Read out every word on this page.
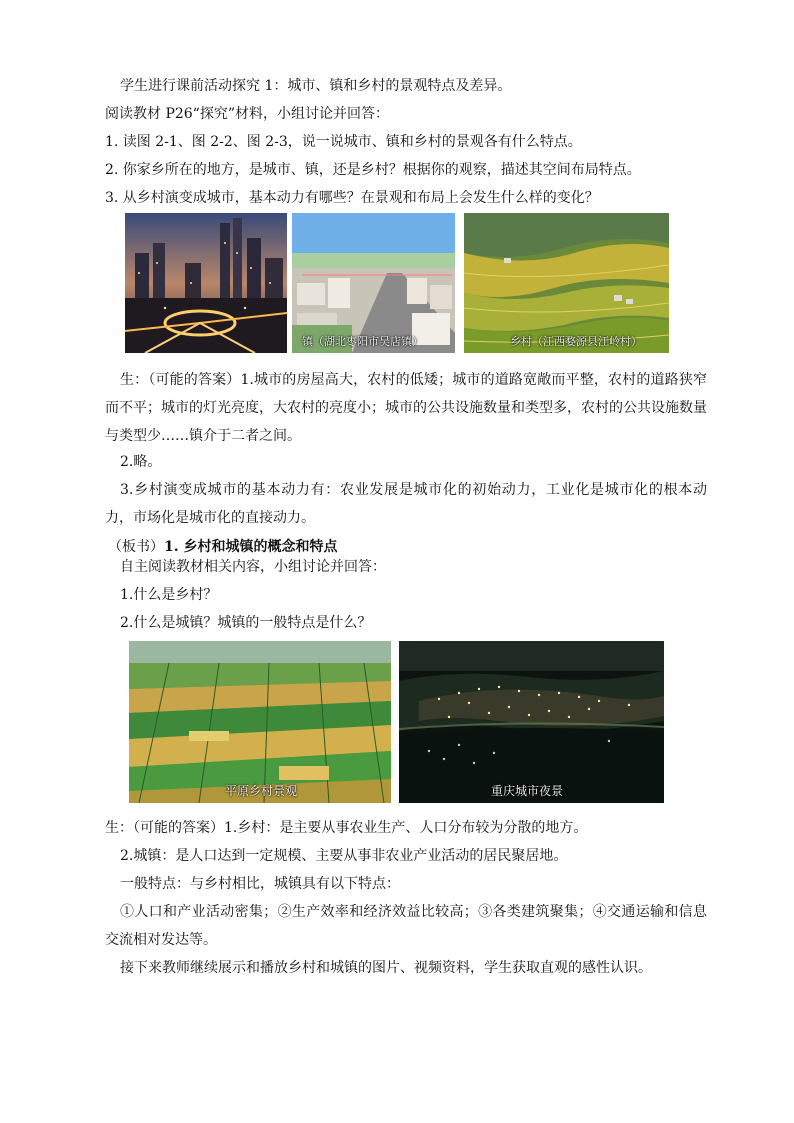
学生进行课前活动探究 1：城市、镇和乡村的景观特点及差异。
阅读教材 P26“探究”材料，小组讨论并回答：
1. 读图 2-1、图 2-2、图 2-3，说一说城市、镇和乡村的景观各有什么特点。
2. 你家乡所在的地方，是城市、镇，还是乡村？根据你的观察，描述其空间布局特点。
3. 从乡村演变成城市，基本动力有哪些？在景观和布局上会发生什么样的变化？
镇（湖北枣阳市吴店镇）	乡村（江西婺源县江岭村）
生：（可能的答案）1.城市的房屋高大，农村的低矮；城市的道路宽敞而平整，农村的道路狭窄而不平；城市的灯光亮度，大农村的亮度小；城市的公共设施数量和类型多，农村的公共设施数量与类型少……镇介于二者之间。
2.略。
3.乡村演变成城市的基本动力有：农业发展是城市化的初始动力，工业化是城市化的根本动力，市场化是城市化的直接动力。
（板书）1. 乡村和城镇的概念和特点
自主阅读教材相关内容，小组讨论并回答：
1.什么是乡村？
2.什么是城镇？城镇的一般特点是什么？
平原乡村景观	重庆城市夜景
生：（可能的答案）1.乡村：是主要从事农业生产、人口分布较为分散的地方。
2.城镇：是人口达到一定规模、主要从事非农业产业活动的居民聚居地。
一般特点：与乡村相比，城镇具有以下特点：
①人口和产业活动密集；②生产效率和经济效益比较高；③各类建筑聚集；④交通运输和信息交流相对发达等。
接下来教师继续展示和播放乡村和城镇的图片、视频资料，学生获取直观的感性认识。
